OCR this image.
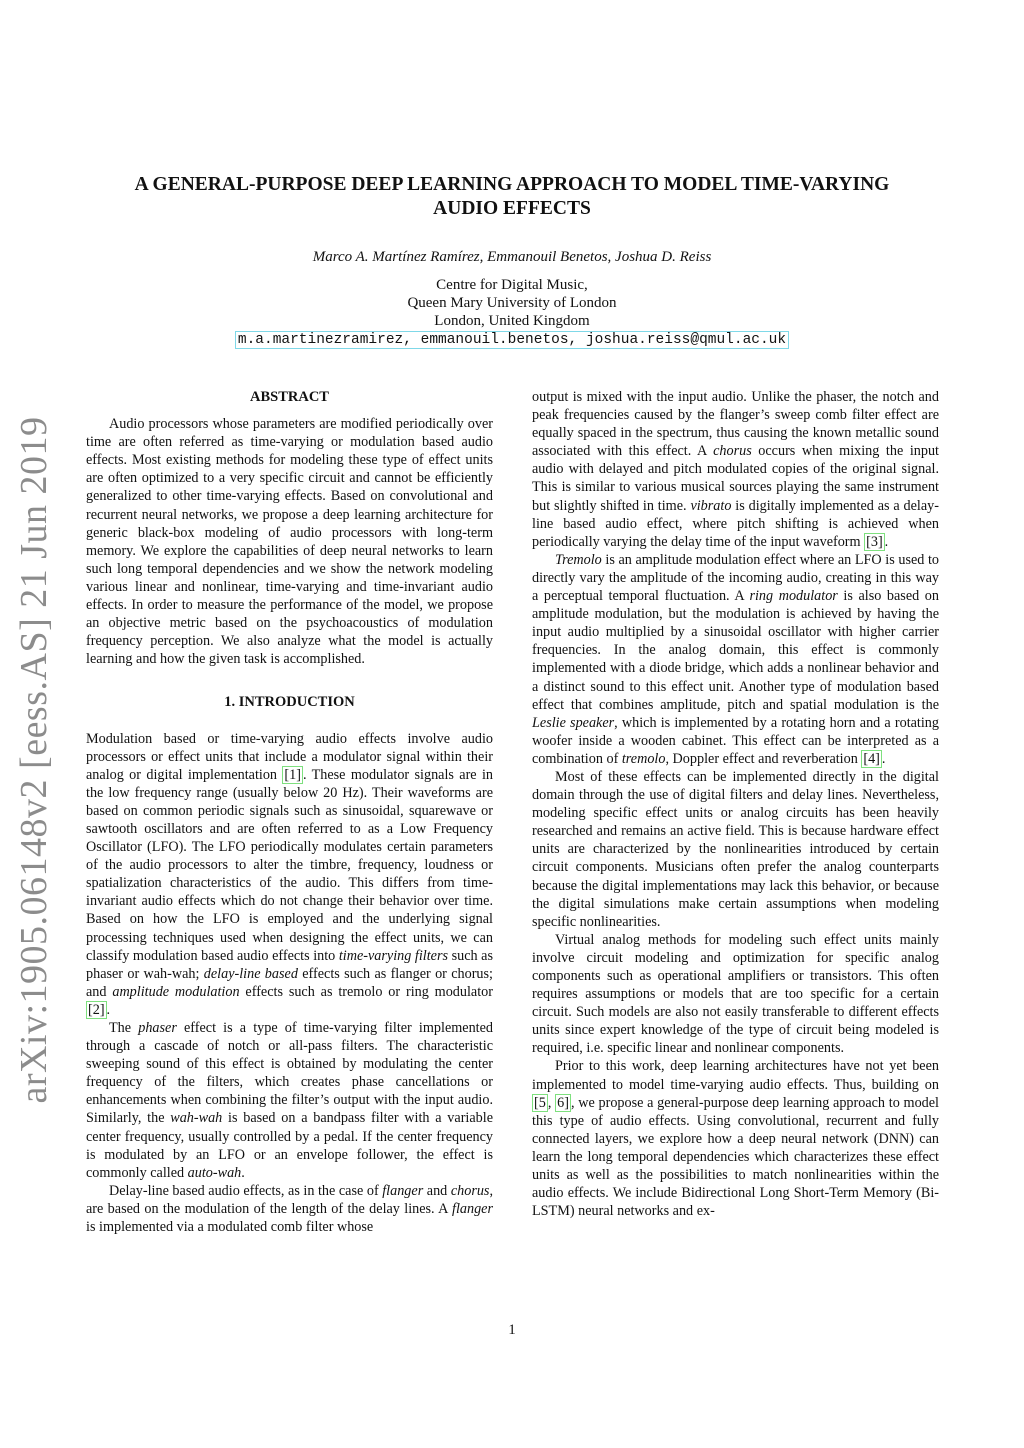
arXiv:1905.06148v2 [eess.AS] 21 Jun 2019
A GENERAL-PURPOSE DEEP LEARNING APPROACH TO MODEL TIME-VARYING
AUDIO EFFECTS
Marco A. Martínez Ramírez, Emmanouil Benetos, Joshua D. Reiss
Centre for Digital Music,
Queen Mary University of London
London, United Kingdom
m.a.martinezramirez, emmanouil.benetos, joshua.reiss@qmul.ac.uk
ABSTRACT

Audio processors whose parameters are modified periodically over time are often referred as time-varying or modulation based audio effects. Most existing methods for modeling these type of effect units are often optimized to a very specific circuit and cannot be efficiently generalized to other time-varying effects. Based on convolutional and recurrent neural networks, we propose a deep learning architecture for generic black-box modeling of audio processors with long-term memory. We explore the capabilities of deep neural networks to learn such long temporal dependencies and we show the network modeling various linear and nonlinear, time-varying and time-invariant audio effects. In order to measure the performance of the model, we propose an objective metric based on the psychoacoustics of modulation frequency perception. We also analyze what the model is actually learning and how the given task is accomplished.

1. INTRODUCTION

Modulation based or time-varying audio effects involve audio processors or effect units that include a modulator signal within their analog or digital implementation [1] . These modulator signals are in the low frequency range (usually below 20 Hz). Their waveforms are based on common periodic signals such as sinusoidal, squarewave or sawtooth oscillators and are often referred to as a Low Frequency Oscillator (LFO). The LFO periodically modulates certain parameters of the audio processors to alter the timbre, frequency, loudness or spatialization characteristics of the audio. This differs from time-invariant audio effects which do not change their behavior over time. Based on how the LFO is employed and the underlying signal processing techniques used when designing the effect units, we can classify modulation based audio effects into time-varying filters such as phaser or wah-wah; delay-line based effects such as flanger or chorus; and amplitude modulation effects such as tremolo or ring modulator [2] .

The phaser effect is a type of time-varying filter implemented through a cascade of notch or all-pass filters. The characteristic sweeping sound of this effect is obtained by modulating the center frequency of the filters, which creates phase cancellations or enhancements when combining the filter’s output with the input audio. Similarly, the wah-wah is based on a bandpass filter with a variable center frequency, usually controlled by a pedal. If the center frequency is modulated by an LFO or an envelope follower, the effect is commonly called auto-wah.

Delay-line based audio effects, as in the case of flanger and chorus, are based on the modulation of the length of the delay lines. A flanger is implemented via a modulated comb filter whose

output is mixed with the input audio. Unlike the phaser, the notch and peak frequencies caused by the flanger’s sweep comb filter effect are equally spaced in the spectrum, thus causing the known metallic sound associated with this effect. A chorus occurs when mixing the input audio with delayed and pitch modulated copies of the original signal. This is similar to various musical sources playing the same instrument but slightly shifted in time. vibrato is digitally implemented as a delay-line based audio effect, where pitch shifting is achieved when periodically varying the delay time of the input waveform [3] .

Tremolo is an amplitude modulation effect where an LFO is used to directly vary the amplitude of the incoming audio, creating in this way a perceptual temporal fluctuation. A ring modulator is also based on amplitude modulation, but the modulation is achieved by having the input audio multiplied by a sinusoidal oscillator with higher carrier frequencies. In the analog domain, this effect is commonly implemented with a diode bridge, which adds a nonlinear behavior and a distinct sound to this effect unit. Another type of modulation based effect that combines amplitude, pitch and spatial modulation is the Leslie speaker, which is implemented by a rotating horn and a rotating woofer inside a wooden cabinet. This effect can be interpreted as a combination of tremolo, Doppler effect and reverberation [4] .

Most of these effects can be implemented directly in the digital domain through the use of digital filters and delay lines. Nevertheless, modeling specific effect units or analog circuits has been heavily researched and remains an active field. This is because hardware effect units are characterized by the nonlinearities introduced by certain circuit components. Musicians often prefer the analog counterparts because the digital implementations may lack this behavior, or because the digital simulations make certain assumptions when modeling specific nonlinearities.

Virtual analog methods for modeling such effect units mainly involve circuit modeling and optimization for specific analog components such as operational amplifiers or transistors. This often requires assumptions or models that are too specific for a certain circuit. Such models are also not easily transferable to different effects units since expert knowledge of the type of circuit being modeled is required, i.e. specific linear and nonlinear components.

Prior to this work, deep learning architectures have not yet been implemented to model time-varying audio effects. Thus, building on [5 , 6] , we propose a general-purpose deep learning approach to model this type of audio effects. Using convolutional, recurrent and fully connected layers, we explore how a deep neural network (DNN) can learn the long temporal dependencies which characterizes these effect units as well as the possibilities to match nonlinearities within the audio effects. We include Bidirectional Long Short-Term Memory (Bi-LSTM) neural networks and ex-

1
